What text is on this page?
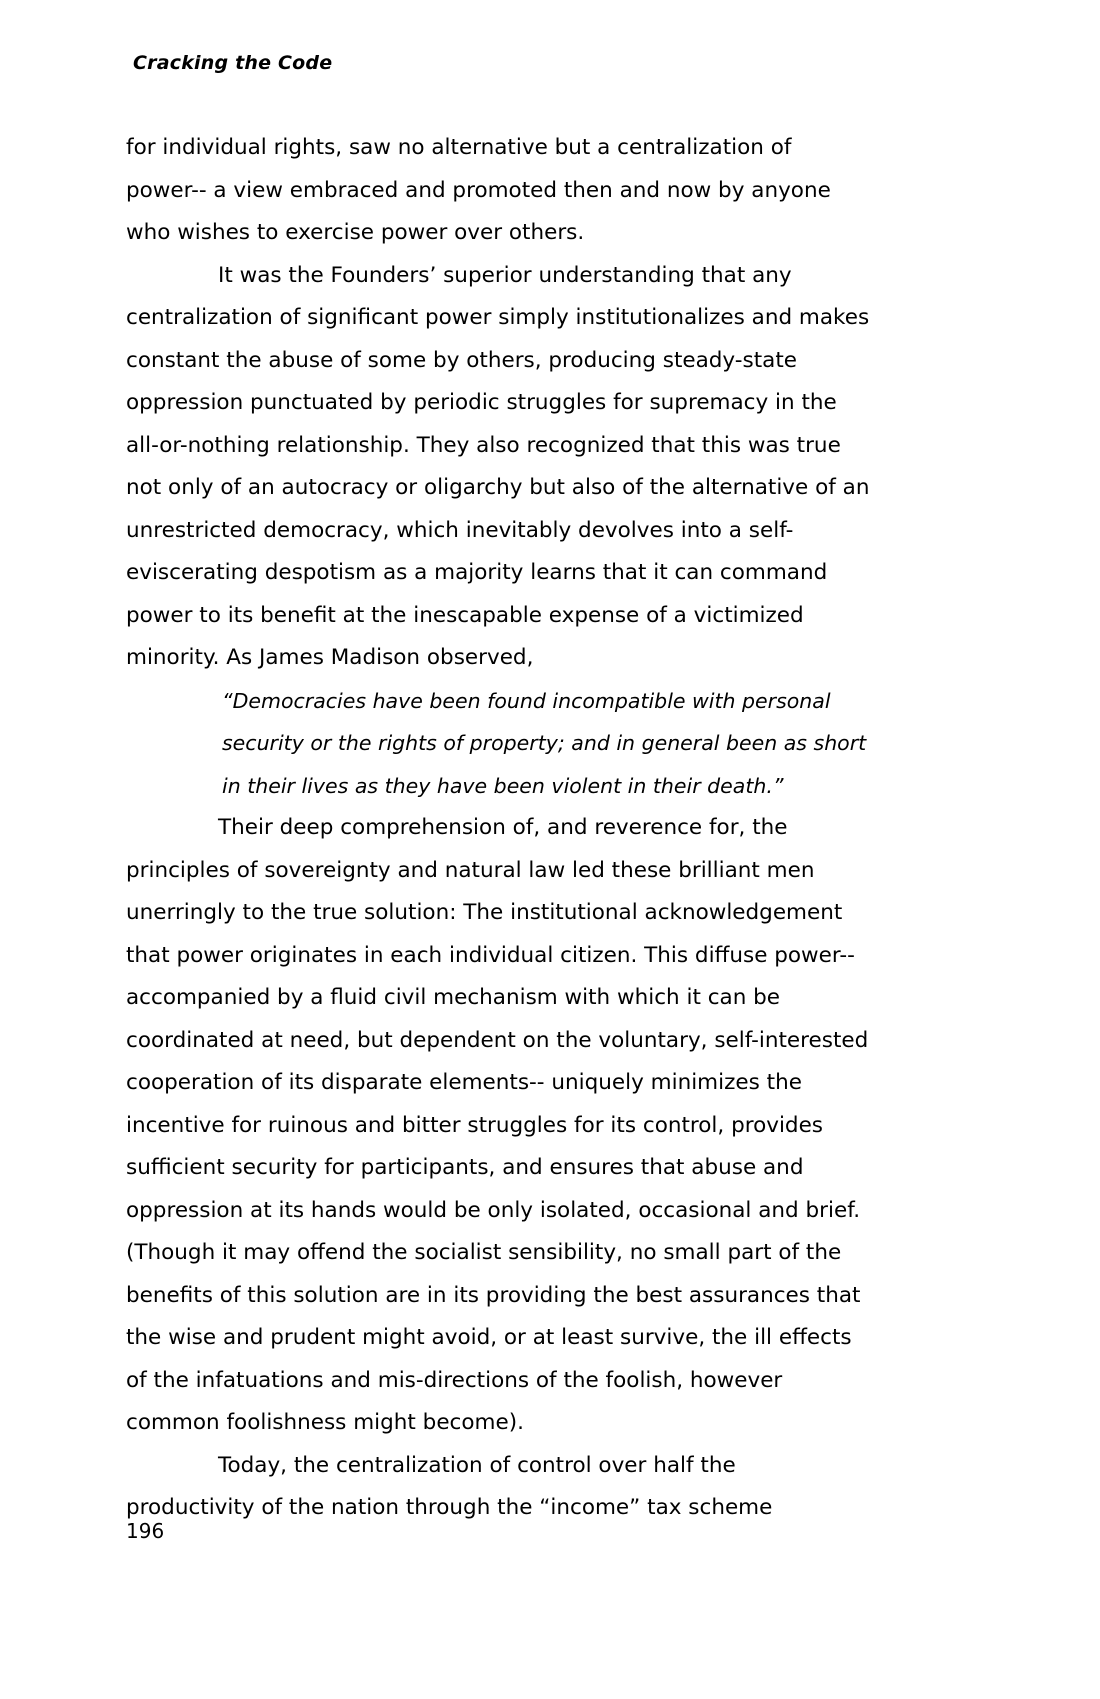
Cracking the Code

for individual rights, saw no alternative but a centralization of power-- a view embraced and promoted then and now by anyone who wishes to exercise power over others.

It was the Founders’ superior understanding that any centralization of significant power simply institutionalizes and makes constant the abuse of some by others, producing steady-state oppression punctuated by periodic struggles for supremacy in the all-or-nothing relationship. They also recognized that this was true not only of an autocracy or oligarchy but also of the alternative of an unrestricted democracy, which inevitably devolves into a self-eviscerating despotism as a majority learns that it can command power to its benefit at the inescapable expense of a victimized minority. As James Madison observed,

“Democracies have been found incompatible with personal security or the rights of property; and in general been as short in their lives as they have been violent in their death.”

Their deep comprehension of, and reverence for, the principles of sovereignty and natural law led these brilliant men unerringly to the true solution: The institutional acknowledgement that power originates in each individual citizen. This diffuse power-- accompanied by a fluid civil mechanism with which it can be coordinated at need, but dependent on the voluntary, self-interested cooperation of its disparate elements-- uniquely minimizes the incentive for ruinous and bitter struggles for its control, provides sufficient security for participants, and ensures that abuse and oppression at its hands would be only isolated, occasional and brief. (Though it may offend the socialist sensibility, no small part of the benefits of this solution are in its providing the best assurances that the wise and prudent might avoid, or at least survive, the ill effects of the infatuations and mis-directions of the foolish, however common foolishness might become).

Today, the centralization of control over half the productivity of the nation through the “income” tax scheme

196
